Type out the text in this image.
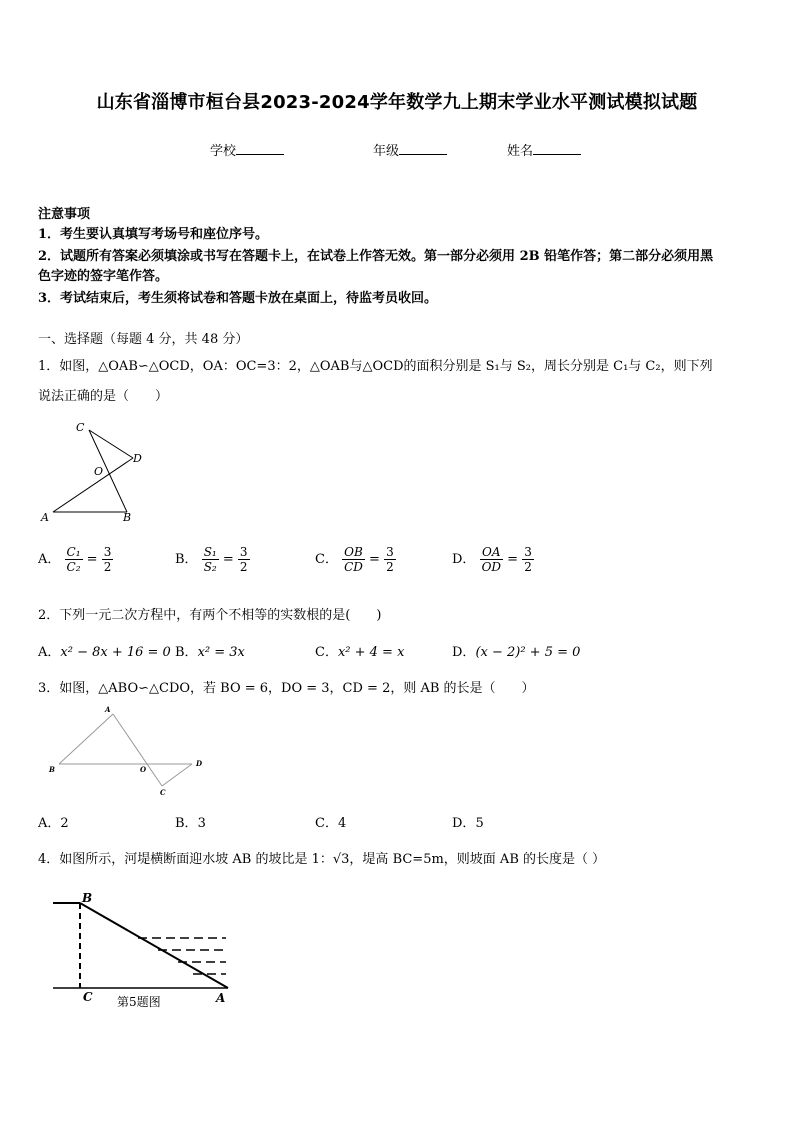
山东省淄博市桓台县2023-2024学年数学九上期末学业水平测试模拟试题
学校	年级	姓名
注意事项
1．考生要认真填写考场号和座位序号。
2．试题所有答案必须填涂或书写在答题卡上，在试卷上作答无效。第一部分必须用 2B 铅笔作答；第二部分必须用黑
色字迹的签字笔作答。
3．考试结束后，考生须将试卷和答题卡放在桌面上，待监考员收回。
一、选择题（每题 4 分，共 48 分）
1．如图，△OAB∽△OCD，OA：OC=3：2，△OAB与△OCD的面积分别是 S₁与 S₂，周长分别是 C₁与 C₂，则下列
说法正确的是（　　）
C
D
O
A	B
A． $\frac{\text{C₁}}{\text{C₂}} = \frac{3}{2}$	B． $\frac{\text{S₁}}{\text{S₂}} = \frac{3}{2}$	C． $\frac{OB}{CD} = \frac{3}{2}$	D． $\frac{OA}{OD} = \frac{3}{2}$
2．下列一元二次方程中，有两个不相等的实数根的是(　　)
A．x² − 8x + 16 = 0 B．x² = 3x	C．x² + 4 = x	D．(x − 2)² + 5 = 0
3．如图，△ABO∽△CDO，若 BO = 6，DO = 3，CD = 2，则 AB 的长是（　　）
A
B	O
D
C
A．2	B．3	C．4	D．5
4．如图所示，河堤横断面迎水坡 AB 的坡比是 1：√3，堤高 BC=5m，则坡面 AB 的长度是（ ）
B
C	A
第5题图
